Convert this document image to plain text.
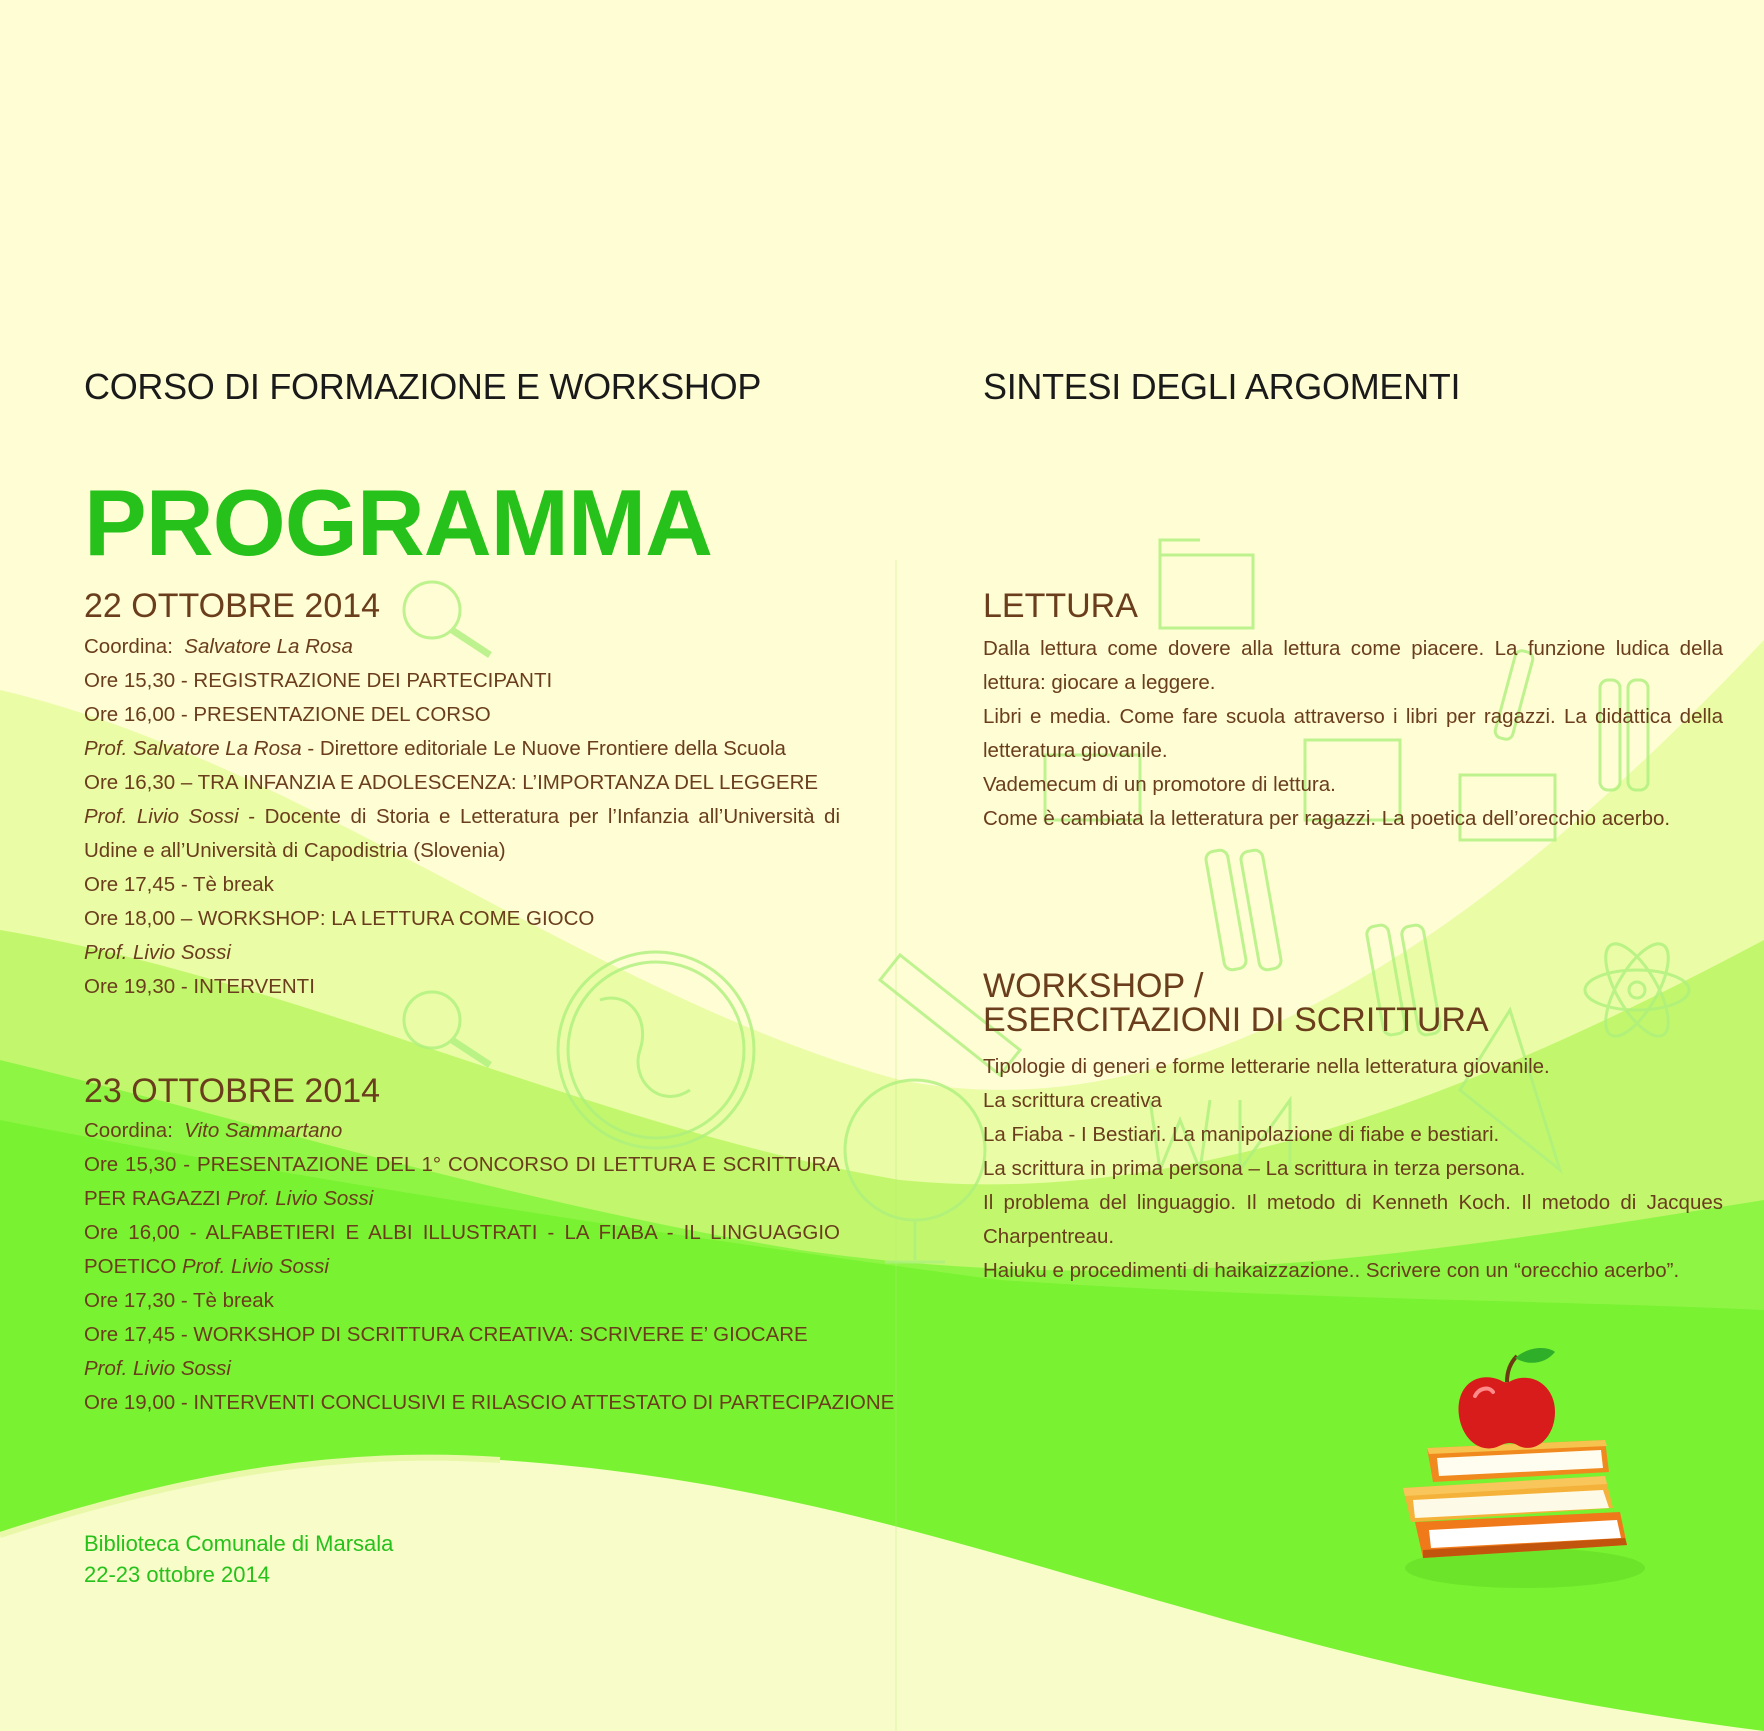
CORSO DI FORMAZIONE E WORKSHOP
PROGRAMMA
22 OTTOBRE 2014
Coordina: Salvatore La Rosa
Ore 15,30 - REGISTRAZIONE DEI PARTECIPANTI
Ore 16,00 - PRESENTAZIONE DEL CORSO
Prof. Salvatore La Rosa - Direttore editoriale Le Nuove Frontiere della Scuola
Ore 16,30 – TRA INFANZIA E ADOLESCENZA: L’IMPORTANZA DEL LEGGERE
Prof. Livio Sossi - Docente di Storia e Letteratura per l’Infanzia all’Università di Udine e all’Università di Capodistria (Slovenia)
Ore 17,45 - Tè break
Ore 18,00 – WORKSHOP: LA LETTURA COME GIOCO
Prof. Livio Sossi
Ore 19,30 - INTERVENTI
23 OTTOBRE 2014
Coordina: Vito Sammartano
Ore 15,30 - PRESENTAZIONE DEL 1° CONCORSO DI LETTURA E SCRITTURA PER RAGAZZI Prof. Livio Sossi
Ore 16,00 - ALFABETIERI E ALBI ILLUSTRATI - LA FIABA - IL LINGUAGGIO POETICO Prof. Livio Sossi
Ore 17,30 - Tè break
Ore 17,45 - WORKSHOP DI SCRITTURA CREATIVA: SCRIVERE E’ GIOCARE
Prof. Livio Sossi
Ore 19,00 - INTERVENTI CONCLUSIVI E RILASCIO ATTESTATO DI PARTECIPAZIONE
Biblioteca Comunale di Marsala
22-23 ottobre 2014
SINTESI DEGLI ARGOMENTI
LETTURA
Dalla lettura come dovere alla lettura come piacere. La funzione ludica della lettura: giocare a leggere.
Libri e media. Come fare scuola attraverso i libri per ragazzi. La didattica della letteratura giovanile.
Vademecum di un promotore di lettura.
Come è cambiata la letteratura per ragazzi. La poetica dell’orecchio acerbo.
WORKSHOP /
ESERCITAZIONI DI SCRITTURA
Tipologie di generi e forme letterarie nella letteratura giovanile.
La scrittura creativa
La Fiaba - I Bestiari. La manipolazione di fiabe e bestiari.
La scrittura in prima persona – La scrittura in terza persona.
Il problema del linguaggio. Il metodo di Kenneth Koch. Il metodo di Jacques Charpentreau.
Haiuku e procedimenti di haikaizzazione.. Scrivere con un “orecchio acerbo”.
